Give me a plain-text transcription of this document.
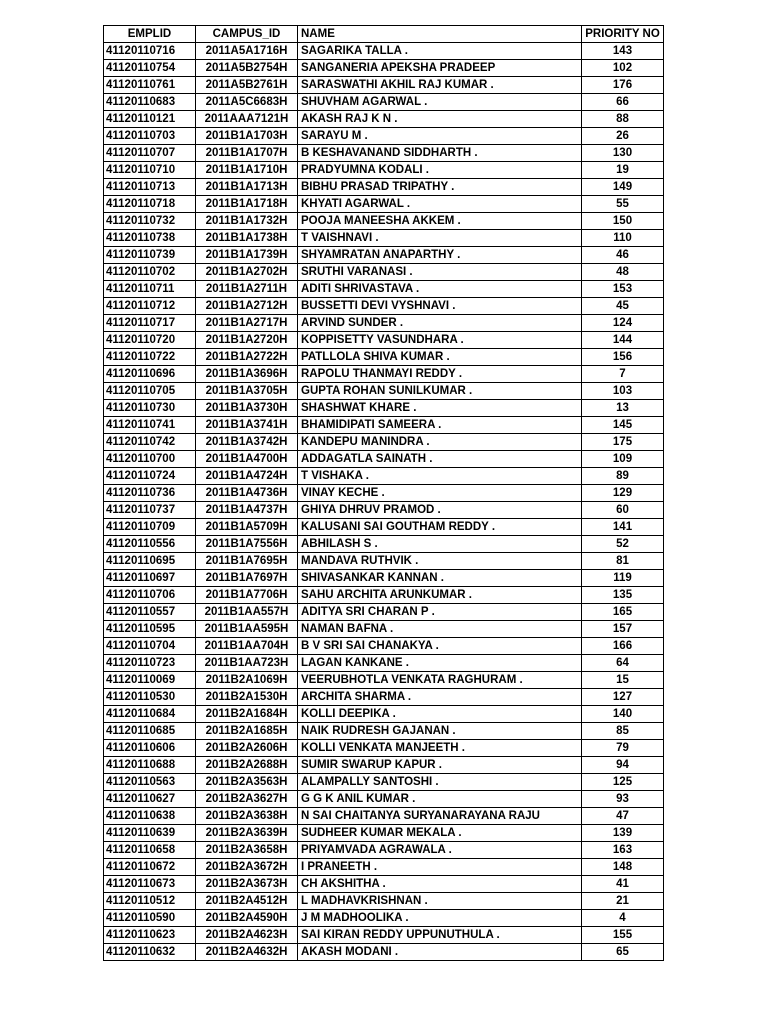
EMPLID	CAMPUS_ID	NAME	PRIORITY NO
41120110716	2011A5A1716H	SAGARIKA TALLA .	143
41120110754	2011A5B2754H	SANGANERIA APEKSHA PRADEEP	102
41120110761	2011A5B2761H	SARASWATHI AKHIL RAJ KUMAR .	176
41120110683	2011A5C6683H	SHUVHAM AGARWAL .	66
41120110121	2011AAA7121H	AKASH RAJ K N .	88
41120110703	2011B1A1703H	SARAYU M .	26
41120110707	2011B1A1707H	B KESHAVANAND SIDDHARTH .	130
41120110710	2011B1A1710H	PRADYUMNA KODALI .	19
41120110713	2011B1A1713H	BIBHU PRASAD TRIPATHY .	149
41120110718	2011B1A1718H	KHYATI AGARWAL .	55
41120110732	2011B1A1732H	POOJA MANEESHA AKKEM .	150
41120110738	2011B1A1738H	T VAISHNAVI .	110
41120110739	2011B1A1739H	SHYAMRATAN ANAPARTHY .	46
41120110702	2011B1A2702H	SRUTHI VARANASI .	48
41120110711	2011B1A2711H	ADITI SHRIVASTAVA .	153
41120110712	2011B1A2712H	BUSSETTI DEVI VYSHNAVI .	45
41120110717	2011B1A2717H	ARVIND SUNDER .	124
41120110720	2011B1A2720H	KOPPISETTY VASUNDHARA .	144
41120110722	2011B1A2722H	PATLLOLA SHIVA KUMAR .	156
41120110696	2011B1A3696H	RAPOLU THANMAYI REDDY .	7
41120110705	2011B1A3705H	GUPTA ROHAN SUNILKUMAR .	103
41120110730	2011B1A3730H	SHASHWAT KHARE .	13
41120110741	2011B1A3741H	BHAMIDIPATI SAMEERA .	145
41120110742	2011B1A3742H	KANDEPU MANINDRA .	175
41120110700	2011B1A4700H	ADDAGATLA SAINATH .	109
41120110724	2011B1A4724H	T VISHAKA .	89
41120110736	2011B1A4736H	VINAY KECHE .	129
41120110737	2011B1A4737H	GHIYA DHRUV PRAMOD .	60
41120110709	2011B1A5709H	KALUSANI SAI GOUTHAM REDDY .	141
41120110556	2011B1A7556H	ABHILASH S .	52
41120110695	2011B1A7695H	MANDAVA RUTHVIK .	81
41120110697	2011B1A7697H	SHIVASANKAR KANNAN .	119
41120110706	2011B1A7706H	SAHU ARCHITA ARUNKUMAR .	135
41120110557	2011B1AA557H	ADITYA SRI CHARAN P .	165
41120110595	2011B1AA595H	NAMAN BAFNA .	157
41120110704	2011B1AA704H	B V SRI SAI CHANAKYA .	166
41120110723	2011B1AA723H	LAGAN KANKANE .	64
41120110069	2011B2A1069H	VEERUBHOTLA VENKATA RAGHURAM .	15
41120110530	2011B2A1530H	ARCHITA SHARMA .	127
41120110684	2011B2A1684H	KOLLI DEEPIKA .	140
41120110685	2011B2A1685H	NAIK RUDRESH GAJANAN .	85
41120110606	2011B2A2606H	KOLLI VENKATA MANJEETH .	79
41120110688	2011B2A2688H	SUMIR SWARUP KAPUR .	94
41120110563	2011B2A3563H	ALAMPALLY SANTOSHI .	125
41120110627	2011B2A3627H	G G K ANIL KUMAR .	93
41120110638	2011B2A3638H	N SAI CHAITANYA SURYANARAYANA RAJU	47
41120110639	2011B2A3639H	SUDHEER KUMAR MEKALA .	139
41120110658	2011B2A3658H	PRIYAMVADA AGRAWALA .	163
41120110672	2011B2A3672H	I PRANEETH .	148
41120110673	2011B2A3673H	CH AKSHITHA .	41
41120110512	2011B2A4512H	L MADHAVKRISHNAN .	21
41120110590	2011B2A4590H	J M MADHOOLIKA .	4
41120110623	2011B2A4623H	SAI KIRAN REDDY UPPUNUTHULA .	155
41120110632	2011B2A4632H	AKASH MODANI .	65
